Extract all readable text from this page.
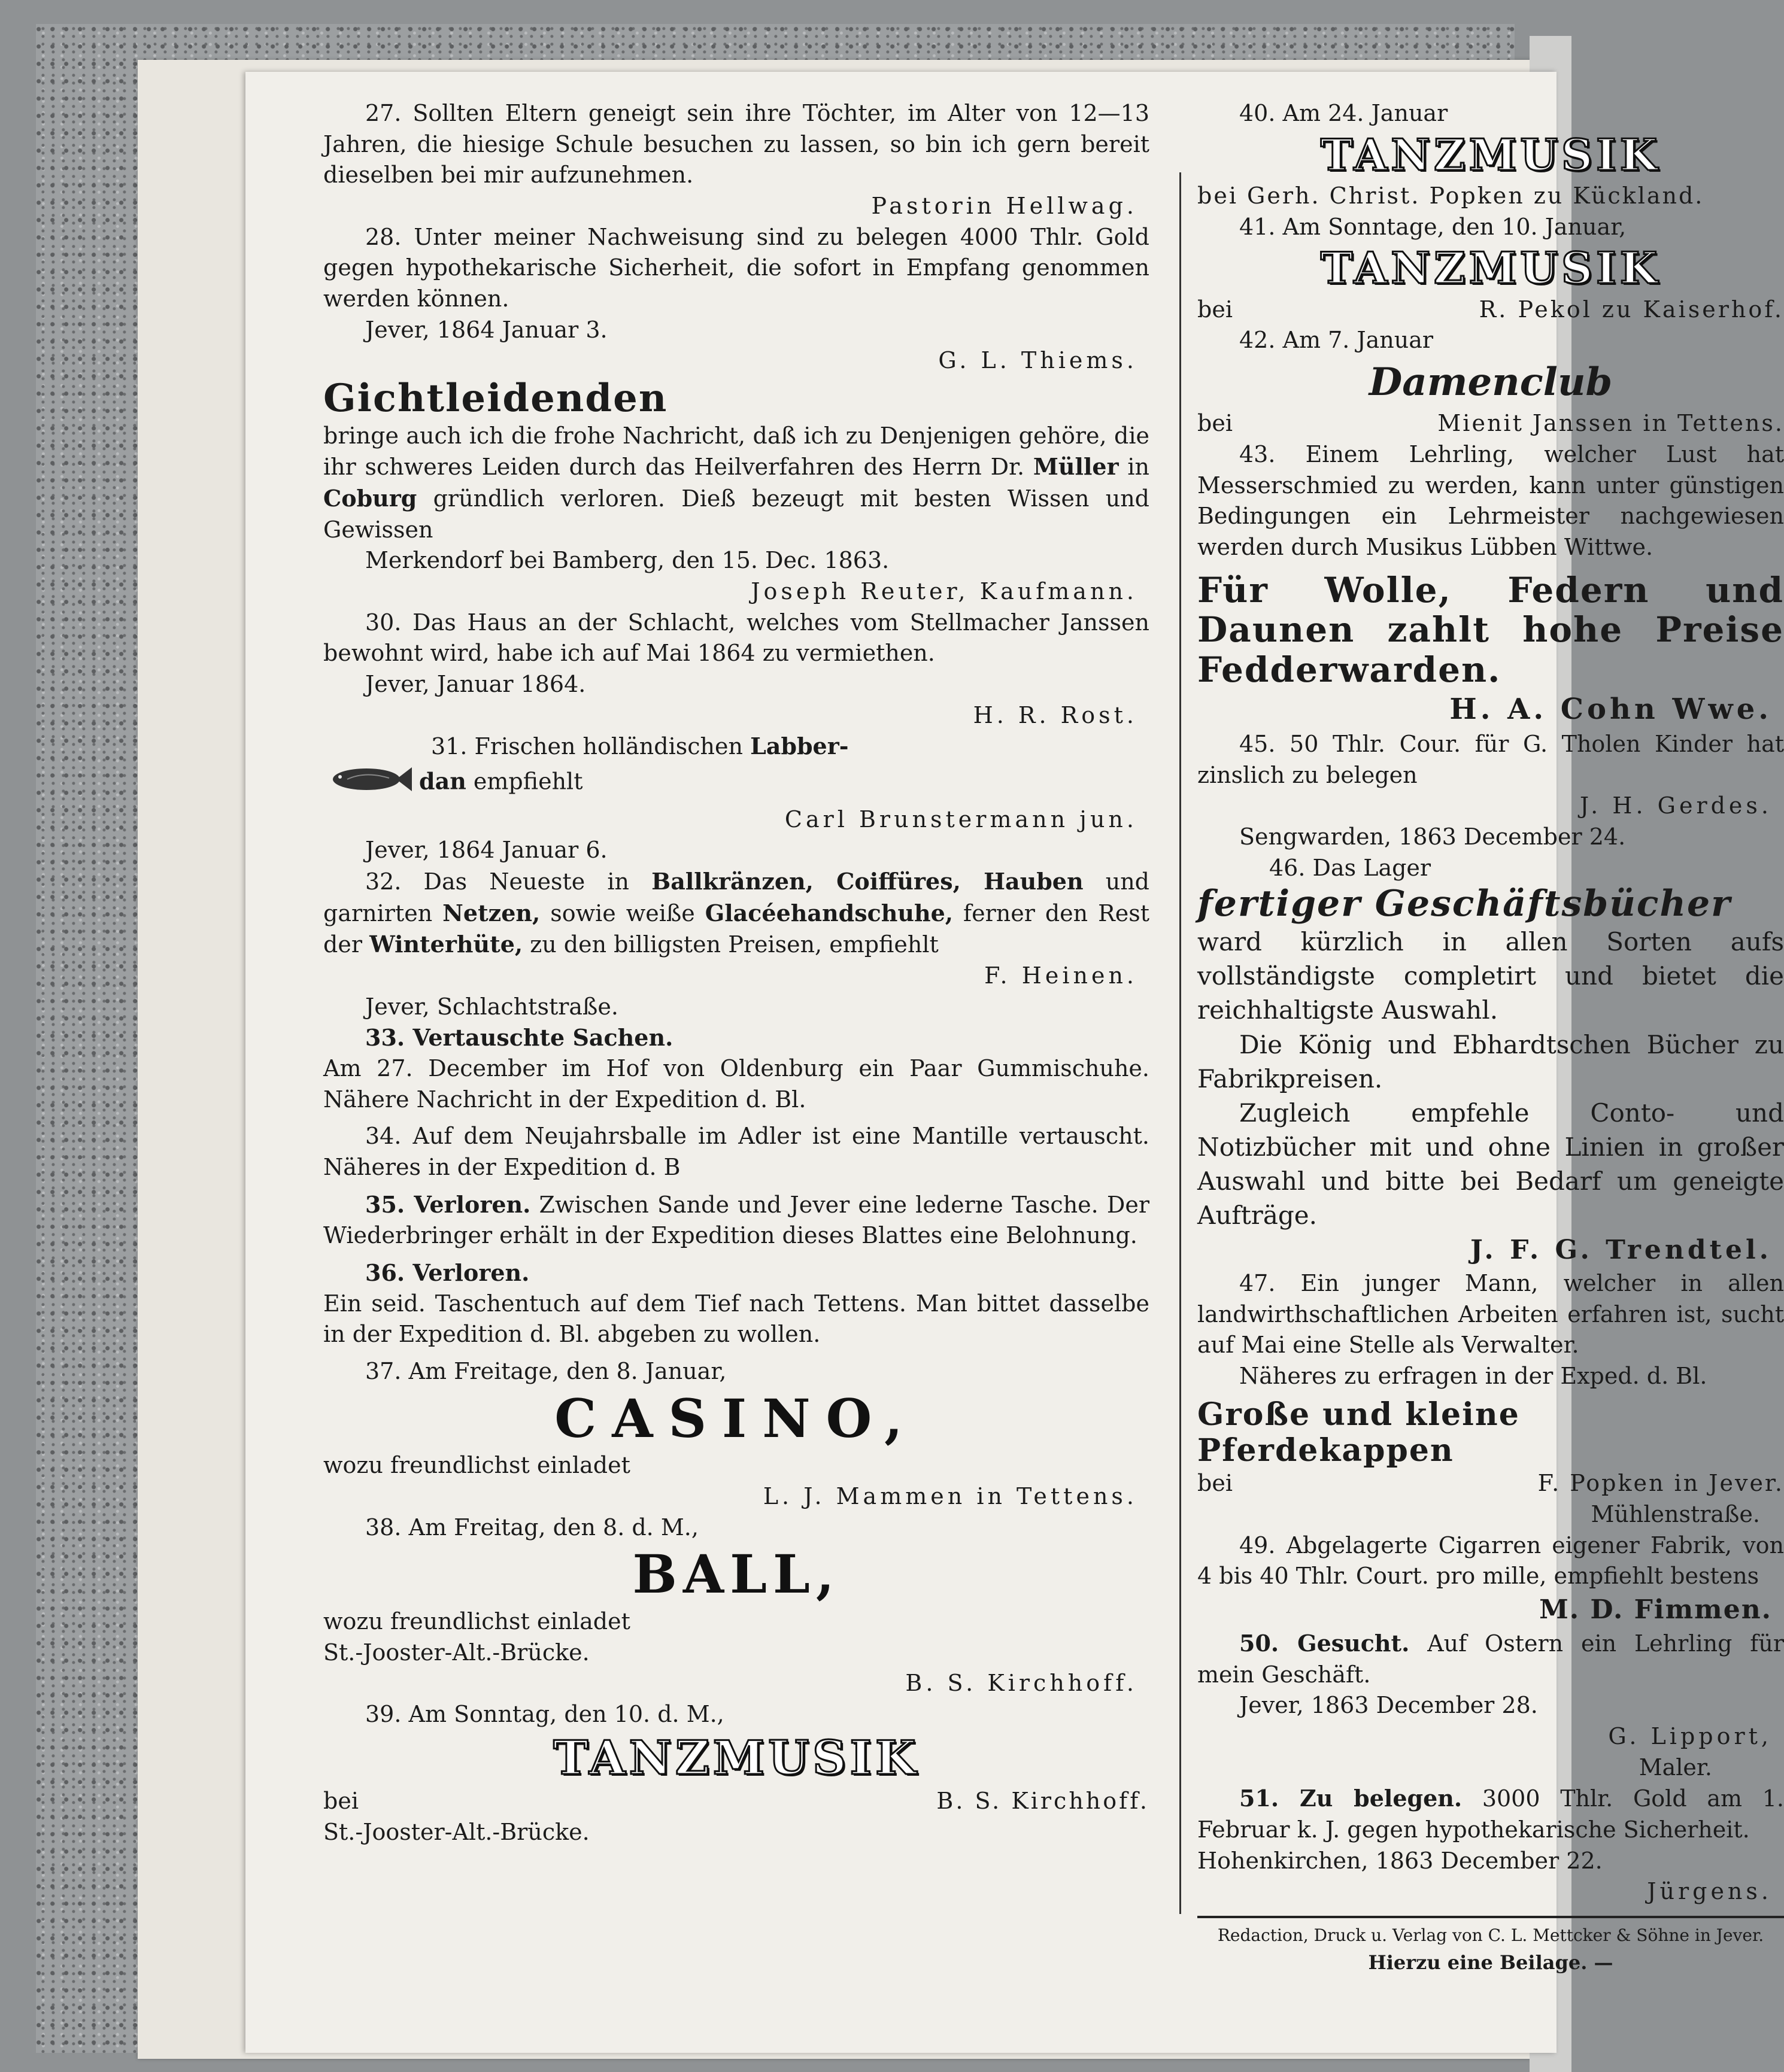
27. Sollten Eltern geneigt sein ihre Töchter, im Alter von 12—13 Jahren, die hiesige Schule besuchen zu lassen, so bin ich gern bereit dieselben bei mir aufzunehmen.

Pastorin Hellwag.

28. Unter meiner Nachweisung sind zu belegen 4000 Thlr. Gold gegen hypothekarische Sicherheit, die sofort in Empfang genommen werden können.

Jever, 1864 Januar 3.

G. L. Thiems.

Gichtleidenden

bringe auch ich die frohe Nachricht, daß ich zu Denjenigen gehöre, die ihr schweres Leiden durch das Heilverfahren des Herrn Dr. Müller in Coburg gründlich verloren. Dieß bezeugt mit besten Wissen und Gewissen

Merkendorf bei Bamberg, den 15. Dec. 1863.

Joseph Reuter, Kaufmann.

30. Das Haus an der Schlacht, welches vom Stellmacher Janssen bewohnt wird, habe ich auf Mai 1864 zu vermiethen.

Jever, Januar 1864.

H. R. Rost.

31. Frischen holländischen Labber-

dan empfiehlt

Carl Brunstermann jun.

Jever, 1864 Januar 6.

32. Das Neueste in Ballkränzen, Coiffüres, Hauben und garnirten Netzen, sowie weiße Glacéehandschuhe, ferner den Rest der Winterhüte, zu den billigsten Preisen, empfiehlt

F. Heinen.

Jever, Schlachtstraße.

33. Vertauschte Sachen.

Am 27. December im Hof von Oldenburg ein Paar Gummischuhe. Nähere Nachricht in der Expedition d. Bl.

34. Auf dem Neujahrsballe im Adler ist eine Mantille vertauscht. Näheres in der Expedition d. B

35. Verloren. Zwischen Sande und Jever eine lederne Tasche. Der Wiederbringer erhält in der Expedition dieses Blattes eine Belohnung.

36. Verloren.

Ein seid. Taschentuch auf dem Tief nach Tettens. Man bittet dasselbe in der Expedition d. Bl. abgeben zu wollen.

37. Am Freitage, den 8. Januar,

CASINO,

wozu freundlichst einladet

L. J. Mammen in Tettens.

38. Am Freitag, den 8. d. M.,

BALL,

wozu freundlichst einladet

St.-Jooster-Alt.-Brücke.

B. S. Kirchhoff.

39. Am Sonntag, den 10. d. M.,

TANZMUSIK

bei	B. S. Kirchhoff.

St.-Jooster-Alt.-Brücke.

40. Am 24. Januar

TANZMUSIK

bei Gerh. Christ. Popken zu Kückland.

41. Am Sonntage, den 10. Januar,

TANZMUSIK

bei	R. Pekol zu Kaiserhof.

42. Am 7. Januar

Damenclub

bei	Mienit Janssen in Tettens.

43. Einem Lehrling, welcher Lust hat Messerschmied zu werden, kann unter günstigen Bedingungen ein Lehrmeister nachgewiesen werden durch Musikus Lübben Wittwe.

Für Wolle, Federn und Daunen zahlt hohe Preise Fedderwarden.

H. A. Cohn Wwe.

45. 50 Thlr. Cour. für G. Tholen Kinder hat zinslich zu belegen

J. H. Gerdes.

Sengwarden, 1863 December 24.

46. Das Lager

fertiger Geschäftsbücher

ward kürzlich in allen Sorten aufs vollständigste completirt und bietet die reichhaltigste Auswahl.

Die König und Ebhardtschen Bücher zu Fabrikpreisen.

Zugleich empfehle Conto- und Notizbücher mit und ohne Linien in großer Auswahl und bitte bei Bedarf um geneigte Aufträge.

J. F. G. Trendtel.

47. Ein junger Mann, welcher in allen landwirthschaftlichen Arbeiten erfahren ist, sucht auf Mai eine Stelle als Verwalter.

Näheres zu erfragen in der Exped. d. Bl.

Große und kleine Pferdekappen

bei	F. Popken in Jever.

Mühlenstraße.

49. Abgelagerte Cigarren eigener Fabrik, von 4 bis 40 Thlr. Court. pro mille, empfiehlt bestens

M. D. Fimmen.

50. Gesucht. Auf Ostern ein Lehrling für mein Geschäft.

Jever, 1863 December 28.

G. Lipport,

Maler.

51. Zu belegen. 3000 Thlr. Gold am 1. Februar k. J. gegen hypothekarische Sicherheit.

Hohenkirchen, 1863 December 22.

Jürgens.

Redaction, Druck u. Verlag von C. L. Mettcker & Söhne in Jever.

Hierzu eine Beilage. —
